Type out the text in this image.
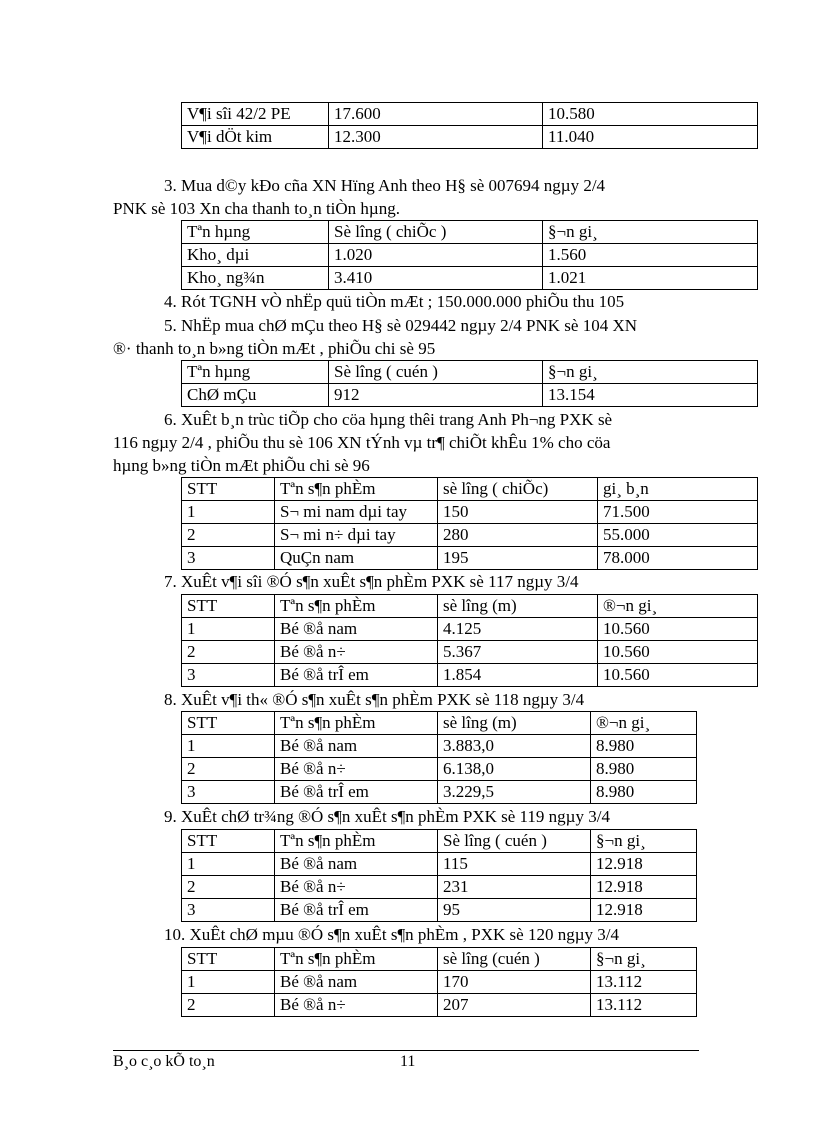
V¶i sîi 42/2 PE	17.600	10.580
V¶i dÖt kim	12.300	11.040
3. Mua d©y kÐo cña XN Hïng Anh theo H§ sè 007694 ngµy 2/4
PNK sè 103 Xn cha thanh to¸n tiÒn hµng.
Tªn hµng	Sè lîng ( chiÕc )	§¬n gi¸
Kho¸ dµi	1.020	1.560
Kho¸ ng¾n	3.410	1.021
4. Rót TGNH vÒ nhËp quü tiÒn mÆt ; 150.000.000 phiÕu thu 105
5. NhËp mua chØ mÇu theo H§ sè 029442 ngµy 2/4 PNK sè 104 XN
®· thanh to¸n b»ng tiÒn mÆt , phiÕu chi sè 95
Tªn hµng	Sè lîng ( cuén )	§¬n gi¸
ChØ mÇu	912	13.154
6. XuÊt b¸n trùc tiÕp cho cöa hµng thêi trang Anh Ph¬ng PXK sè
116 ngµy 2/4 , phiÕu thu sè 106 XN tÝnh vµ tr¶ chiÕt khÊu 1% cho cöa
hµng b»ng tiÒn mÆt phiÕu chi sè 96
STT	Tªn s¶n phÈm	sè lîng ( chiÕc)	gi¸ b¸n
1	S¬ mi nam dµi tay	150	71.500
2	S¬ mi n÷ dµi tay	280	55.000
3	QuÇn nam	195	78.000
7. XuÊt v¶i sîi ®Ó s¶n xuÊt s¶n phÈm PXK sè 117 ngµy 3/4
STT	Tªn s¶n phÈm	sè lîng (m)	®¬n gi¸
1	Bé ®å nam	4.125	10.560
2	Bé ®å n÷	5.367	10.560
3	Bé ®å trÎ em	1.854	10.560
8. XuÊt v¶i th« ®Ó s¶n xuÊt s¶n phÈm PXK sè 118 ngµy 3/4
STT	Tªn s¶n phÈm	sè lîng (m)	®¬n gi¸
1	Bé ®å nam	3.883,0	8.980
2	Bé ®å n÷	6.138,0	8.980
3	Bé ®å trÎ em	3.229,5	8.980
9. XuÊt chØ tr¾ng ®Ó s¶n xuÊt s¶n phÈm PXK sè 119 ngµy 3/4
STT	Tªn s¶n phÈm	Sè lîng ( cuén )	§¬n gi¸
1	Bé ®å nam	115	12.918
2	Bé ®å n÷	231	12.918
3	Bé ®å trÎ em	95	12.918
10. XuÊt chØ mµu ®Ó s¶n xuÊt s¶n phÈm , PXK sè 120 ngµy 3/4
STT	Tªn s¶n phÈm	sè lîng (cuén )	§¬n gi¸
1	Bé ®å nam	170	13.112
2	Bé ®å n÷	207	13.112
B¸o c¸o kÕ to¸n	11
